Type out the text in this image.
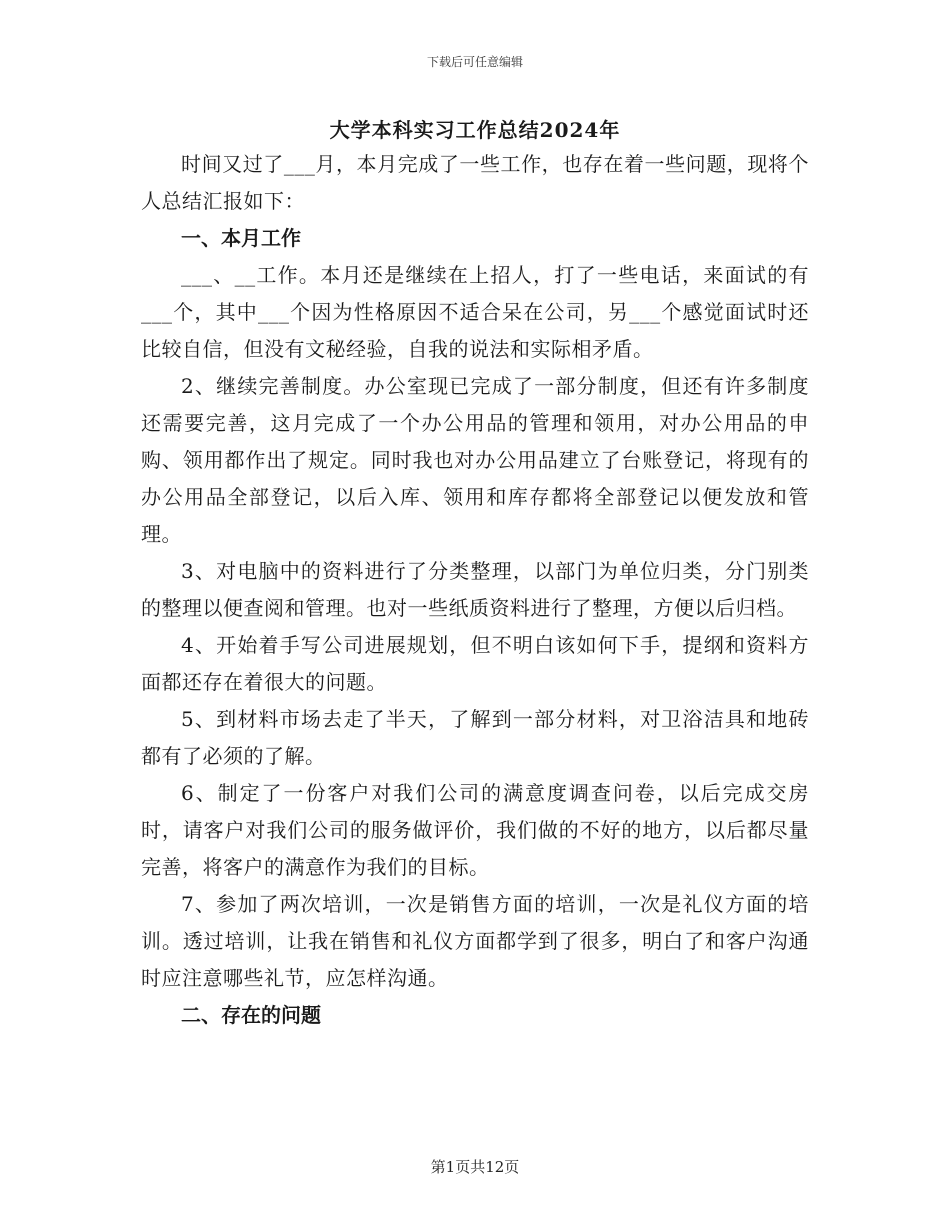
下载后可任意编辑
大学本科实习工作总结2024年

时间又过了___月，本月完成了一些工作，也存在着一些问题，现将个人总结汇报如下：

一、本月工作

___、__工作。本月还是继续在上招人，打了一些电话，来面试的有___个，其中___个因为性格原因不适合呆在公司，另___个感觉面试时还比较自信，但没有文秘经验，自我的说法和实际相矛盾。

2、继续完善制度。办公室现已完成了一部分制度，但还有许多制度还需要完善，这月完成了一个办公用品的管理和领用，对办公用品的申购、领用都作出了规定。同时我也对办公用品建立了台账登记，将现有的办公用品全部登记，以后入库、领用和库存都将全部登记以便发放和管理。

3、对电脑中的资料进行了分类整理，以部门为单位归类，分门别类的整理以便查阅和管理。也对一些纸质资料进行了整理，方便以后归档。

4、开始着手写公司进展规划，但不明白该如何下手，提纲和资料方面都还存在着很大的问题。

5、到材料市场去走了半天，了解到一部分材料，对卫浴洁具和地砖都有了必须的了解。

6、制定了一份客户对我们公司的满意度调查问卷，以后完成交房时，请客户对我们公司的服务做评价，我们做的不好的地方，以后都尽量完善，将客户的满意作为我们的目标。

7、参加了两次培训，一次是销售方面的培训，一次是礼仪方面的培训。透过培训，让我在销售和礼仪方面都学到了很多，明白了和客户沟通时应注意哪些礼节，应怎样沟通。

二、存在的问题

第1页共12页
